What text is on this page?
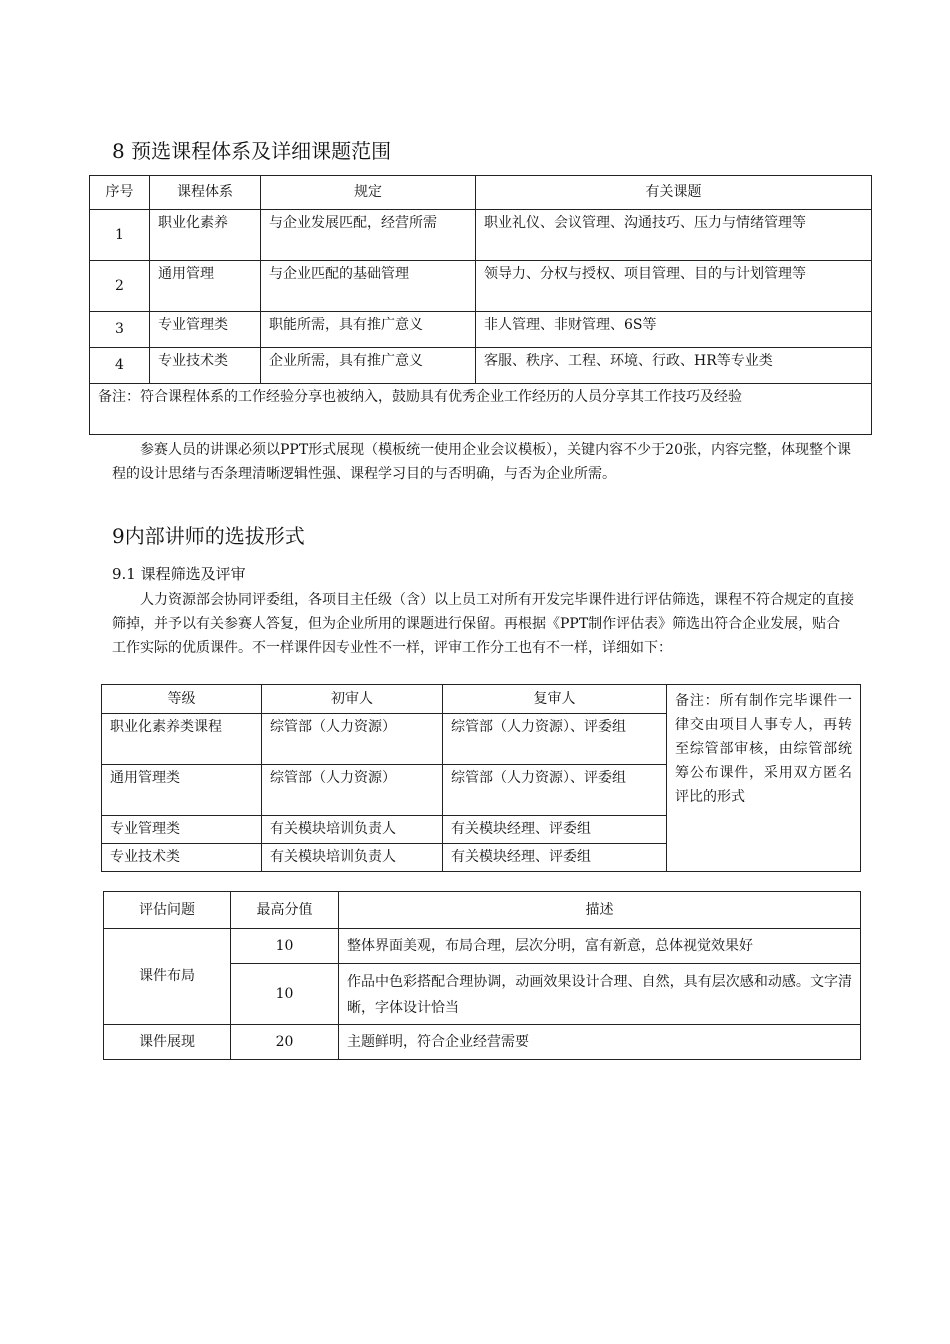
8 预选课程体系及详细课题范围
序号	课程体系	规定	有关课题
1	职业化素养	与企业发展匹配，经营所需	职业礼仪、会议管理、沟通技巧、压力与情绪管理等
2	通用管理	与企业匹配的基础管理	领导力、分权与授权、项目管理、目的与计划管理等
3	专业管理类	职能所需，具有推广意义	非人管理、非财管理、6S等
4	专业技术类	企业所需，具有推广意义	客服、秩序、工程、环境、行政、HR等专业类
备注：符合课程体系的工作经验分享也被纳入，鼓励具有优秀企业工作经历的人员分享其工作技巧及经验			

参赛人员的讲课必须以PPT形式展现（模板统一使用企业会议模板），关键内容不少于20张，内容完整，体现整个课程的设计思绪与否条理清晰逻辑性强、课程学习目的与否明确，与否为企业所需。

9内部讲师的选拔形式
9.1 课程筛选及评审

人力资源部会协同评委组，各项目主任级（含）以上员工对所有开发完毕课件进行评估筛选，课程不符合规定的直接筛掉，并予以有关参赛人答复，但为企业所用的课题进行保留。再根据《PPT制作评估表》筛选出符合企业发展，贴合工作实际的优质课件。不一样课件因专业性不一样，评审工作分工也有不一样，详细如下：

等级	初审人	复审人	备注：所有制作完毕课件一律交由项目人事专人，再转至综管部审核，由综管部统筹公布课件，采用双方匿名评比的形式
职业化素养类课程	综管部（人力资源）	综管部（人力资源）、评委组	
通用管理类	综管部（人力资源）	综管部（人力资源）、评委组	
专业管理类	有关模块培训负责人	有关模块经理、评委组	
专业技术类	有关模块培训负责人	有关模块经理、评委组	
评估问题	最高分值	描述
课件布局	10	整体界面美观，布局合理，层次分明，富有新意，总体视觉效果好
	10	作品中色彩搭配合理协调，动画效果设计合理、自然，具有层次感和动感。文字清晰，字体设计恰当
课件展现	20	主题鲜明，符合企业经营需要
